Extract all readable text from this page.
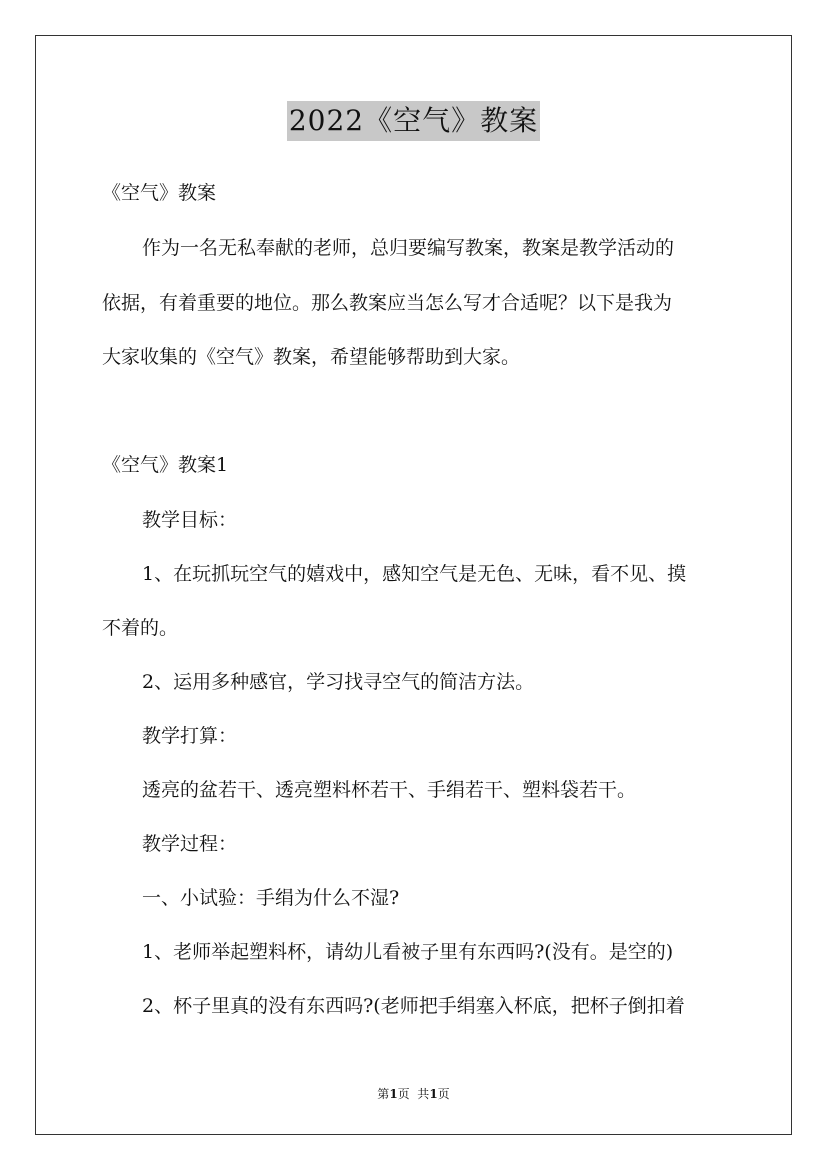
2022《空气》教案
《空气》教案
作为一名无私奉献的老师，总归要编写教案，教案是教学活动的
依据，有着重要的地位。那么教案应当怎么写才合适呢？以下是我为
大家收集的《空气》教案，希望能够帮助到大家。
《空气》教案1
教学目标：
1、在玩抓玩空气的嬉戏中，感知空气是无色、无味，看不见、摸
不着的。
2、运用多种感官，学习找寻空气的简洁方法。
教学打算：
透亮的盆若干、透亮塑料杯若干、手绢若干、塑料袋若干。
教学过程：
一、小试验：手绢为什么不湿?
1、老师举起塑料杯，请幼儿看被子里有东西吗?(没有。是空的)
2、杯子里真的没有东西吗?(老师把手绢塞入杯底，把杯子倒扣着
第1页  共1页
